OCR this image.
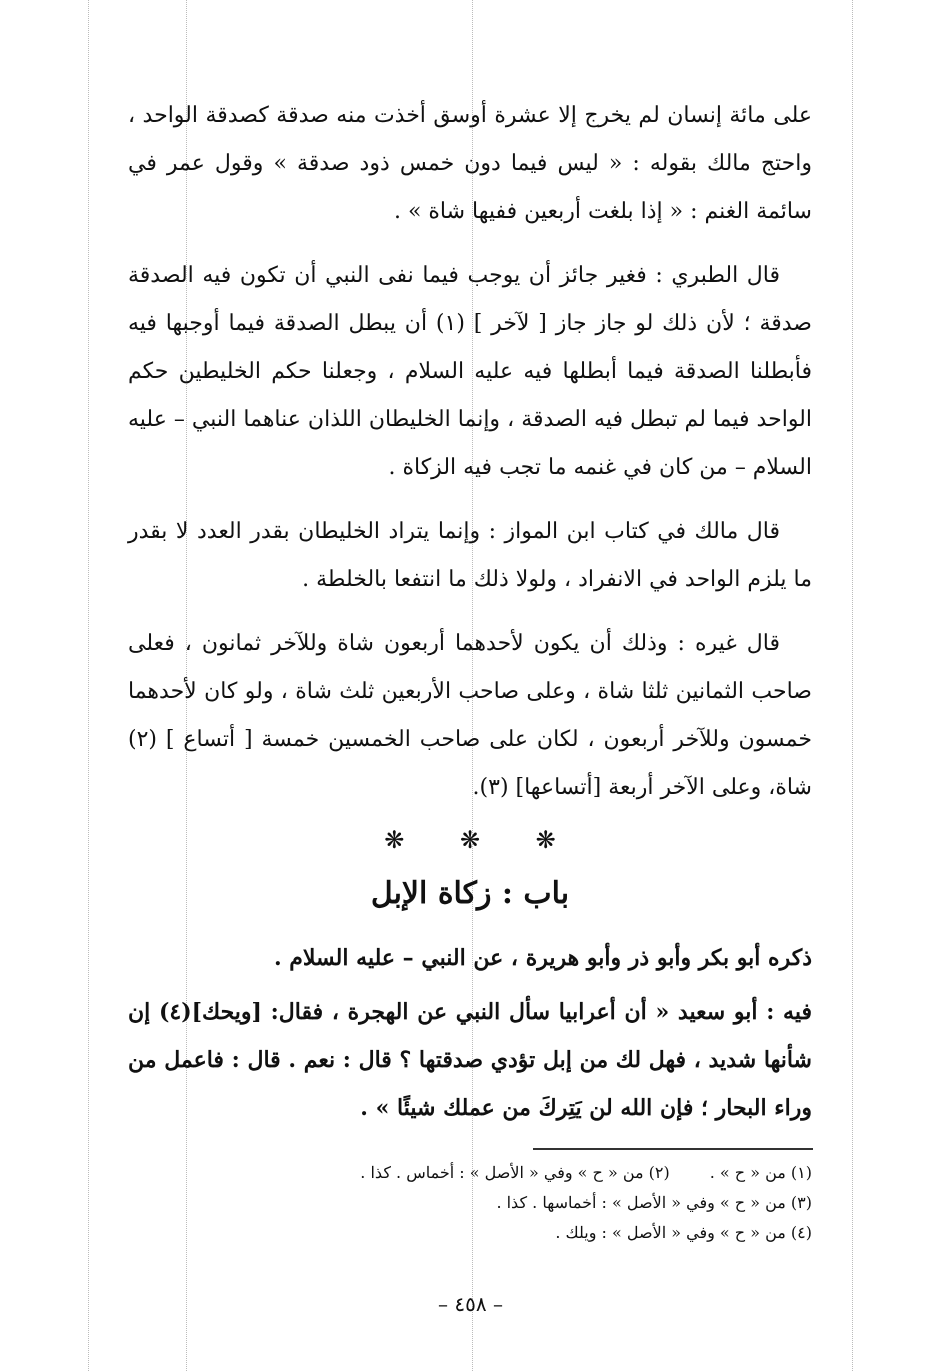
على مائة إنسان لم يخرج إلا عشرة أوسق أخذت منه صدقة كصدقة الواحد ، واحتج مالك بقوله : « ليس فيما دون خمس ذود صدقة » وقول عمر في سائمة الغنم : « إذا بلغت أربعين ففيها شاة » .

قال الطبري : فغير جائز أن يوجب فيما نفى النبي أن تكون فيه الصدقة صدقة ؛ لأن ذلك لو جاز جاز [ لآخر ] (١) أن يبطل الصدقة فيما أوجبها فيه فأبطلنا الصدقة فيما أبطلها فيه عليه السلام ، وجعلنا حكم الخليطين حكم الواحد فيما لم تبطل فيه الصدقة ، وإنما الخليطان اللذان عناهما النبي – عليه السلام – من كان في غنمه ما تجب فيه الزكاة .

قال مالك في كتاب ابن المواز : وإنما يتراد الخليطان بقدر العدد لا بقدر ما يلزم الواحد في الانفراد ، ولولا ذلك ما انتفعا بالخلطة .

قال غيره : وذلك أن يكون لأحدهما أربعون شاة وللآخر ثمانون ، فعلى صاحب الثمانين ثلثا شاة ، وعلى صاحب الأربعين ثلث شاة ، ولو كان لأحدهما خمسون وللآخر أربعون ، لكان على صاحب الخمسين خمسة [ أتساع ] (٢) شاة، وعلى الآخر أربعة [أتساعها] (٣).

❋ ❋ ❋
باب : زكاة الإبل

ذكره أبو بكر وأبو ذر وأبو هريرة ، عن النبي – عليه السلام .

فيه : أبو سعيد « أن أعرابيا سأل النبي عن الهجرة ، فقال: [ويحك](٤) إن شأنها شديد ، فهل لك من إبل تؤدي صدقتها ؟ قال : نعم . قال : فاعمل من وراء البحار ؛ فإن الله لن يَتِركَ من عملك شيئًا » .

(١) من « ح » .(٢) من « ح » وفي « الأصل » : أخماس . كذا .
(٣) من « ح » وفي « الأصل » : أخماسها . كذا .
(٤) من « ح » وفي « الأصل » : ويلك .
– ٤٥٨ –
